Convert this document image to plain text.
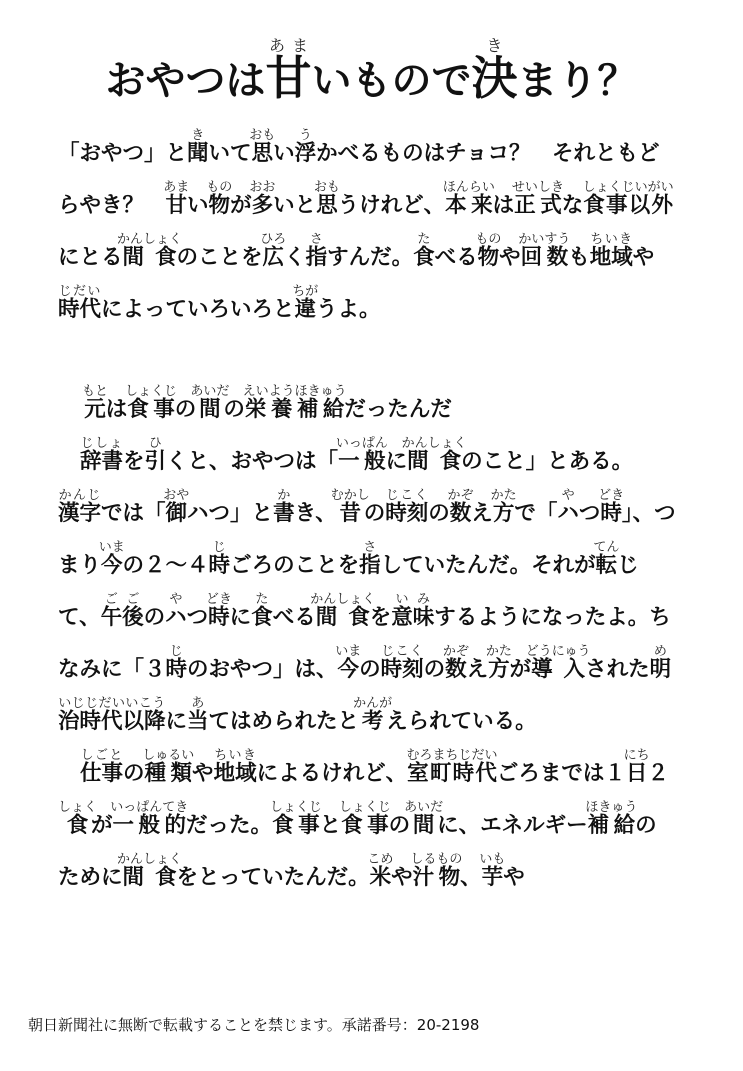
おやつは甘あまいもので決きまり？

「おやつ」と聞きいて思おもい浮うかべるものはチョコ？　それともどらやき？　甘あまい物ものが多おおいと思おもうけれど、本来ほんらいは正せい式しきな食事以外しょくじいがいにとる間食かんしょくのことを広ひろく指さすんだ。食たべる物ものや回数かいすうも地域ちいきや時代じだいによっていろいろと違ちがうよ。

元もとは食事しょくじの間あいだの栄養補給えいようほきゅうだったんだ

辞書じしょを引ひくと、おやつは「一般いっぱんに間食かんしょくのこと」とある。漢字かんじでは「御おやハつ」と書かき、昔むかしの時刻じこくの数かぞえ方かたで「ハやつ時どき」、つまり今いまの２～４時じごろのことを指さしていたんだ。それが転てんじて、午後ごごのハやつ時どきに食たべる間食かんしょくを意味いみするようになったよ。ちなみに「３時じのおやつ」は、今いまの時刻じこくの数かぞえ方かたが導入どうにゅうされた明治時代以降めいじじだいいこうに当あてはめられたと考かんがえられている。

仕事しごとの種類しゅるいや地域ちいきによるけれど、室町時代むろまちじだいごろまでは１日にち２食しょくが一般的いっぱんてきだった。食事しょくじと食事しょくじの間あいだに、エネルギー補給ほきゅうのために間食かんしょくをとっていたんだ。米こめや汁物しるもの、芋いもや

朝日新聞社に無断で転載することを禁じます。承諾番号：20-2198
